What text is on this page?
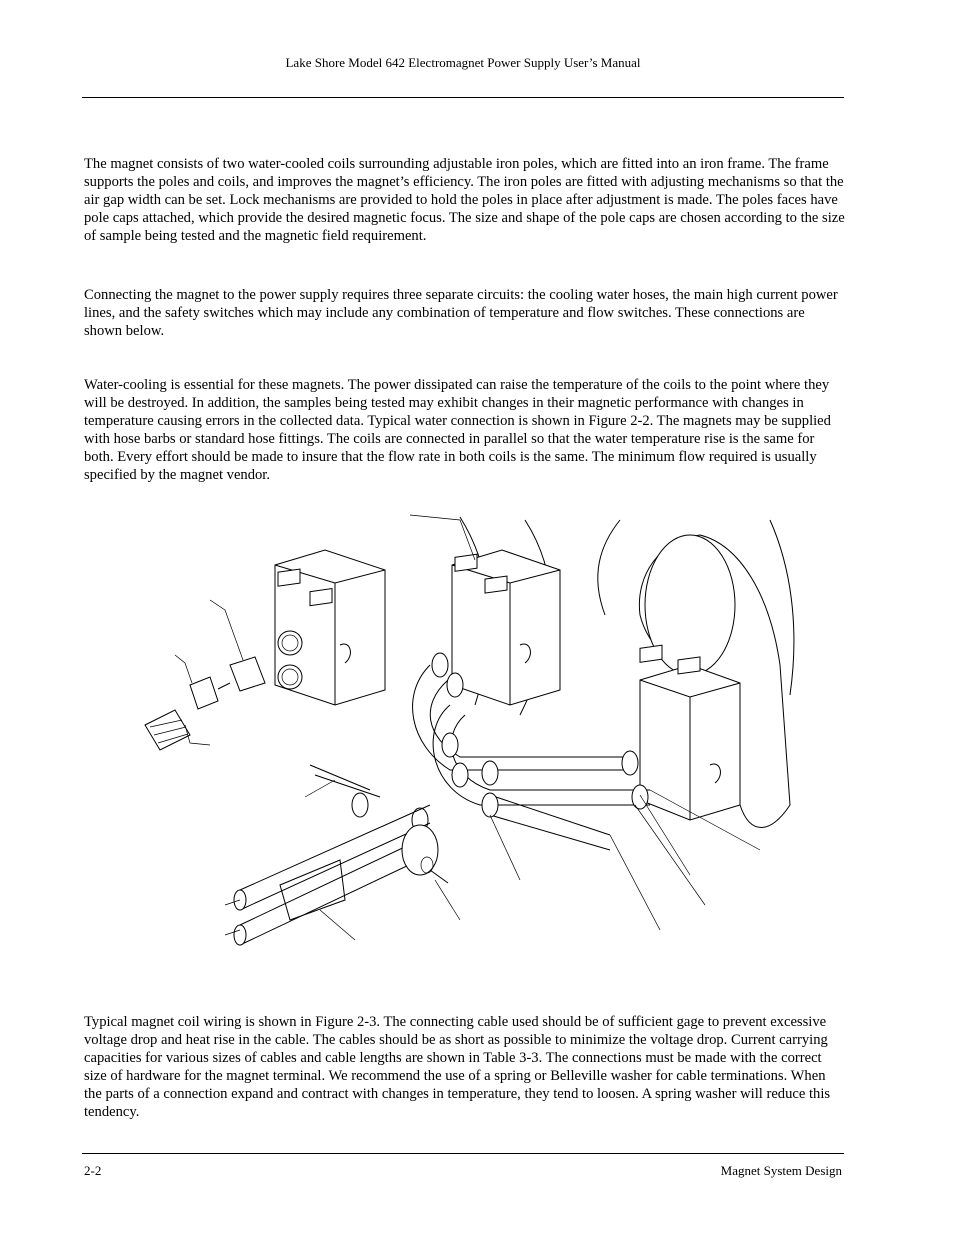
Lake Shore Model 642 Electromagnet Power Supply User’s Manual

The magnet consists of two water-cooled coils surrounding adjustable iron poles, which are fitted into an iron frame. The frame supports the poles and coils, and improves the magnet’s efficiency. The iron poles are fitted with adjusting mechanisms so that the air gap width can be set. Lock mechanisms are provided to hold the poles in place after adjustment is made. The poles faces have pole caps attached, which provide the desired magnetic focus. The size and shape of the pole caps are chosen according to the size of sample being tested and the magnetic field requirement.

Connecting the magnet to the power supply requires three separate circuits: the cooling water hoses, the main high current power lines, and the safety switches which may include any combination of temperature and flow switches. These connections are shown below.

Water-cooling is essential for these magnets. The power dissipated can raise the temperature of the coils to the point where they will be destroyed. In addition, the samples being tested may exhibit changes in their magnetic performance with changes in temperature causing errors in the collected data. Typical water connection is shown in Figure 2-2. The magnets may be supplied with hose barbs or standard hose fittings. The coils are connected in parallel so that the water temperature rise is the same for both. Every effort should be made to insure that the flow rate in both coils is the same. The minimum flow required is usually specified by the magnet vendor.

Typical magnet coil wiring is shown in Figure 2-3. The connecting cable used should be of sufficient gage to prevent excessive voltage drop and heat rise in the cable. The cables should be as short as possible to minimize the voltage drop. Current carrying capacities for various sizes of cables and cable lengths are shown in Table 3-3. The connections must be made with the correct size of hardware for the magnet terminal. We recommend the use of a spring or Belleville washer for cable terminations. When the parts of a connection expand and contract with changes in temperature, they tend to loosen. A spring washer will reduce this tendency.

2-2	Magnet System Design
